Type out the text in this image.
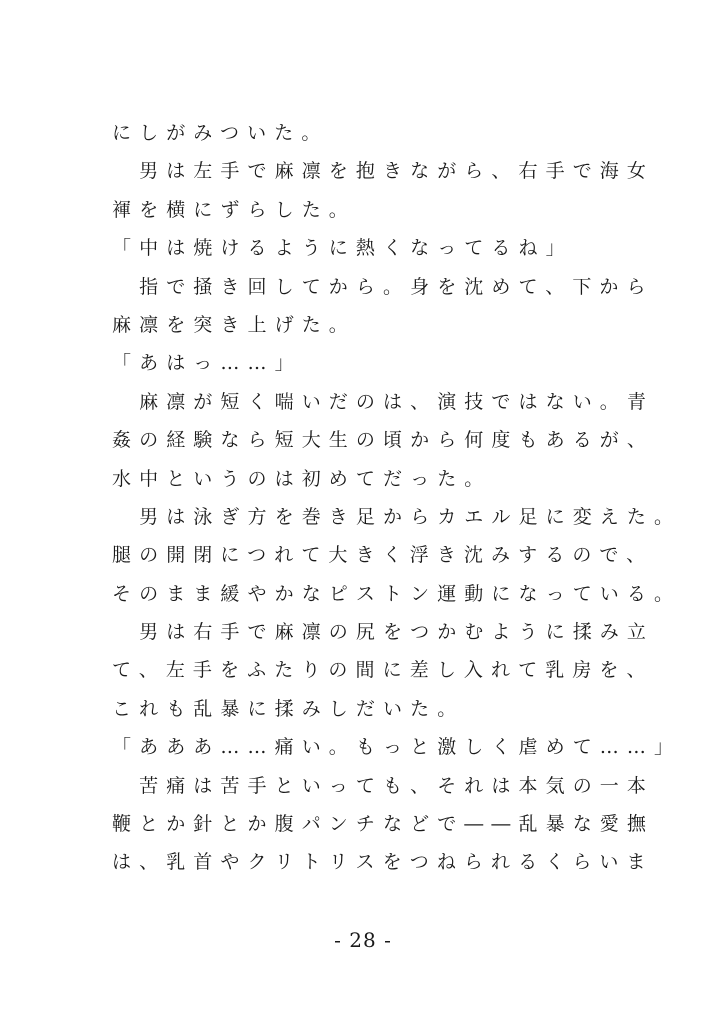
にしがみついた。
　男は左手で麻凛を抱きながら、右手で海女
褌を横にずらした。
「中は焼けるように熱くなってるね」
　指で掻き回してから。身を沈めて、下から
麻凛を突き上げた。
「あはっ……」
　麻凛が短く喘いだのは、演技ではない。青
姦の経験なら短大生の頃から何度もあるが、
水中というのは初めてだった。
　男は泳ぎ方を巻き足からカエル足に変えた。
腿の開閉につれて大きく浮き沈みするので、
そのまま緩やかなピストン運動になっている。
　男は右手で麻凛の尻をつかむように揉み立
て、左手をふたりの間に差し入れて乳房を、
これも乱暴に揉みしだいた。
「あああ……痛い。もっと激しく虐めて……」
　苦痛は苦手といっても、それは本気の一本
鞭とか針とか腹パンチなどで――乱暴な愛撫
は、乳首やクリトリスをつねられるくらいま
- 28 -
